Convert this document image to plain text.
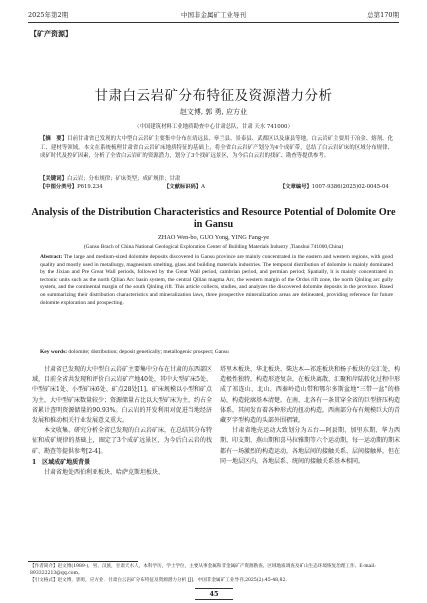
2025年第2期	中国非金属矿工业导刊	总第170期
【矿产资源】
甘肃白云岩矿分布特征及资源潜力分析
赵文博, 郭 勇, 应方业
（中国建筑材料工业地质勘查中心甘肃总队，甘肃 天水 741000）
【摘　要】目前甘肃省已发现的大中型白云岩矿主要集中分布在靖远县、皋兰县、景泰县、武都区以及康县等地，白云岩矿主要用于冶金、熔剂、化工、建材等领域。本文在系统梳理甘肃省白云岩矿床地质特征的基础上，将全省白云岩矿产划分为4个成矿带，总结了白云岩矿床的区域分布规律、成矿时代及控矿因素，分析了全省白云岩矿的资源潜力，划分了3个找矿远景区，为今后白云岩的找矿、勘查等提供参考。
【关键词】白云岩；分布规律；矿床类型；成矿规律；甘肃
【中图分类号】P619.234	【文献标识码】A	【文章编号】1007-9386(2025)02-0045-04
Analysis of the Distribution Characteristics and Resource Potential of Dolomite Ore in Gansu
ZHAO Wen-bo, GUO Yong, YING Fang-ye
(Gansu Brach of China National Geological Exploration Center of Building Materials Industry ,Tianshui 741000,China)
Abstract: The large and medium-sized dolomite deposits discovered in Gansu province are mainly concentrated in the eastern and western regions, with good quality and mostly used in metallurgy, magnesium smelting, glass and building materials industries. The temporal distribution of dolomite is mainly dominated by the Jixian and Pre Great Wall periods, followed by the Great Wall period, cambrian period, and permian period; Spatially, it is mainly concentrated in tectonic units such as the north Qilian Arc basin system, the central Qilian magma Arc, the western margin of the Ordos rift zone, the north Qinling arc gully system, and the continental margin of the south Qinling rift. This article collects, studies, and analyzes the discovered dolomite deposits in the province. Based on summarizing their distribution characteristics and mineralization laws, three prospective mineralization areas are delineated, providing reference for future dolomite exploration and prospecting.
Key words: dolomite; distribution; deposit genetically; metallogenic prospect; Gansu

甘肃省已发现的大中型白云岩矿主要集中分布在甘肃的东西部区域，目前全省共发现和评价白云岩矿产地40处，其中大型矿床5处、中型矿床1处、小型矿床6处、矿点28处[1]。矿床规模以小型和矿点为主，大中型矿床数量较少；资源储量占比以大型矿床为主，约占全省累计查明资源储量的90.93%。白云岩的开发利用对促进当地经济发展和推动相关行业发展意义重大。

本文收集、研究分析全省已发现的白云岩矿床，在总结其分布特征和成矿规律的基础上，圈定了3个成矿远景区，为今后白云岩的找矿、勘查等提供参考[2-4]。

1　区域成矿地质背景

甘肃省地处西伯利亚板块、哈萨克斯坦板块、

塔里木板块、华北板块、柴达木—祁连板块和杨子板块的交汇处，构造极性独特，构造形迹复杂，在板块离散、汇聚和岸陆转化过程中形成了祁连山、北山、西秦岭造山带和鄂尔多斯盆地“三带一盆”的格局，构造轮廓基本清楚。在南、北各有一条贯穿全省的巨型挤压构造体系，其间发育着各种形式的扭动构造，西南部分布有规模巨大的青藏歹字型构造的头部外围褶皱。

甘肃省地壳运动大致划分为五台—阿县期、加里东期、华力西期、印支期、燕山期和喜马拉雅期等六个运动期，每一运动期的期末都有一场激烈的构造运动，各地层间的接触关系、层间接触界，但在同一地层区内，各地层系、统间的接触关系基本相同。

【作者简介】赵文博(1989-)，男，汉族，甘肃天水人，本科学历，学士学位，主要从事金属和非金属矿产资源勘查、区域地质调查及矿山生态环境恢复治理工作。E-mail: 893322213@qq.com。
【引文格式】赵文博，郭勇，应方业．甘肃白云岩矿分布特征及资源潜力分析 [J]．中国非金属矿工业导刊,2025(2):45-48,82.
45
